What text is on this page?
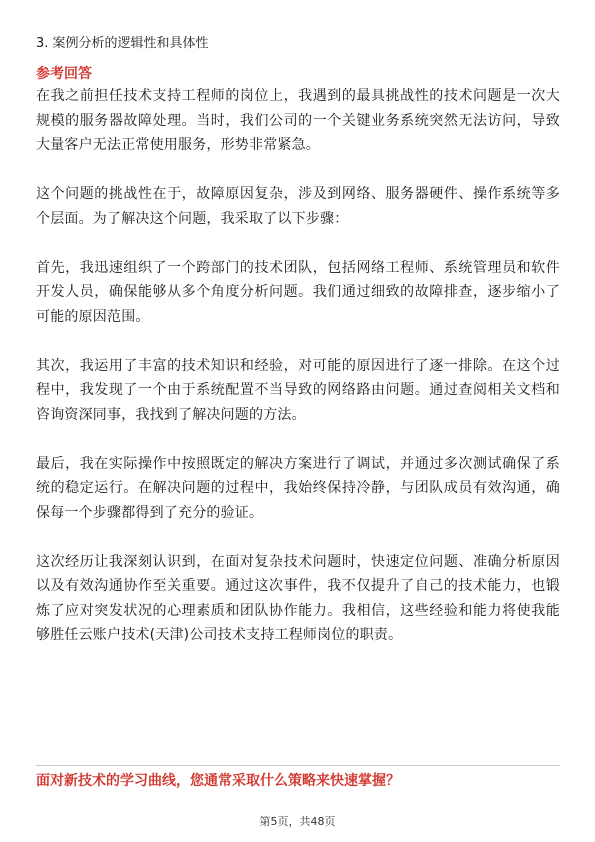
3. 案例分析的逻辑性和具体性

参考回答

在我之前担任技术支持工程师的岗位上，我遇到的最具挑战性的技术问题是一次大规模的服务器故障处理。当时，我们公司的一个关键业务系统突然无法访问，导致大量客户无法正常使用服务，形势非常紧急。

这个问题的挑战性在于，故障原因复杂，涉及到网络、服务器硬件、操作系统等多个层面。为了解决这个问题，我采取了以下步骤：

首先，我迅速组织了一个跨部门的技术团队，包括网络工程师、系统管理员和软件开发人员，确保能够从多个角度分析问题。我们通过细致的故障排查，逐步缩小了可能的原因范围。

其次，我运用了丰富的技术知识和经验，对可能的原因进行了逐一排除。在这个过程中，我发现了一个由于系统配置不当导致的网络路由问题。通过查阅相关文档和咨询资深同事，我找到了解决问题的方法。

最后，我在实际操作中按照既定的解决方案进行了调试，并通过多次测试确保了系统的稳定运行。在解决问题的过程中，我始终保持冷静，与团队成员有效沟通，确保每一个步骤都得到了充分的验证。

这次经历让我深刻认识到，在面对复杂技术问题时，快速定位问题、准确分析原因以及有效沟通协作至关重要。通过这次事件，我不仅提升了自己的技术能力，也锻炼了应对突发状况的心理素质和团队协作能力。我相信，这些经验和能力将使我能够胜任云账户技术(天津)公司技术支持工程师岗位的职责。

面对新技术的学习曲线，您通常采取什么策略来快速掌握？
第5页，共48页
